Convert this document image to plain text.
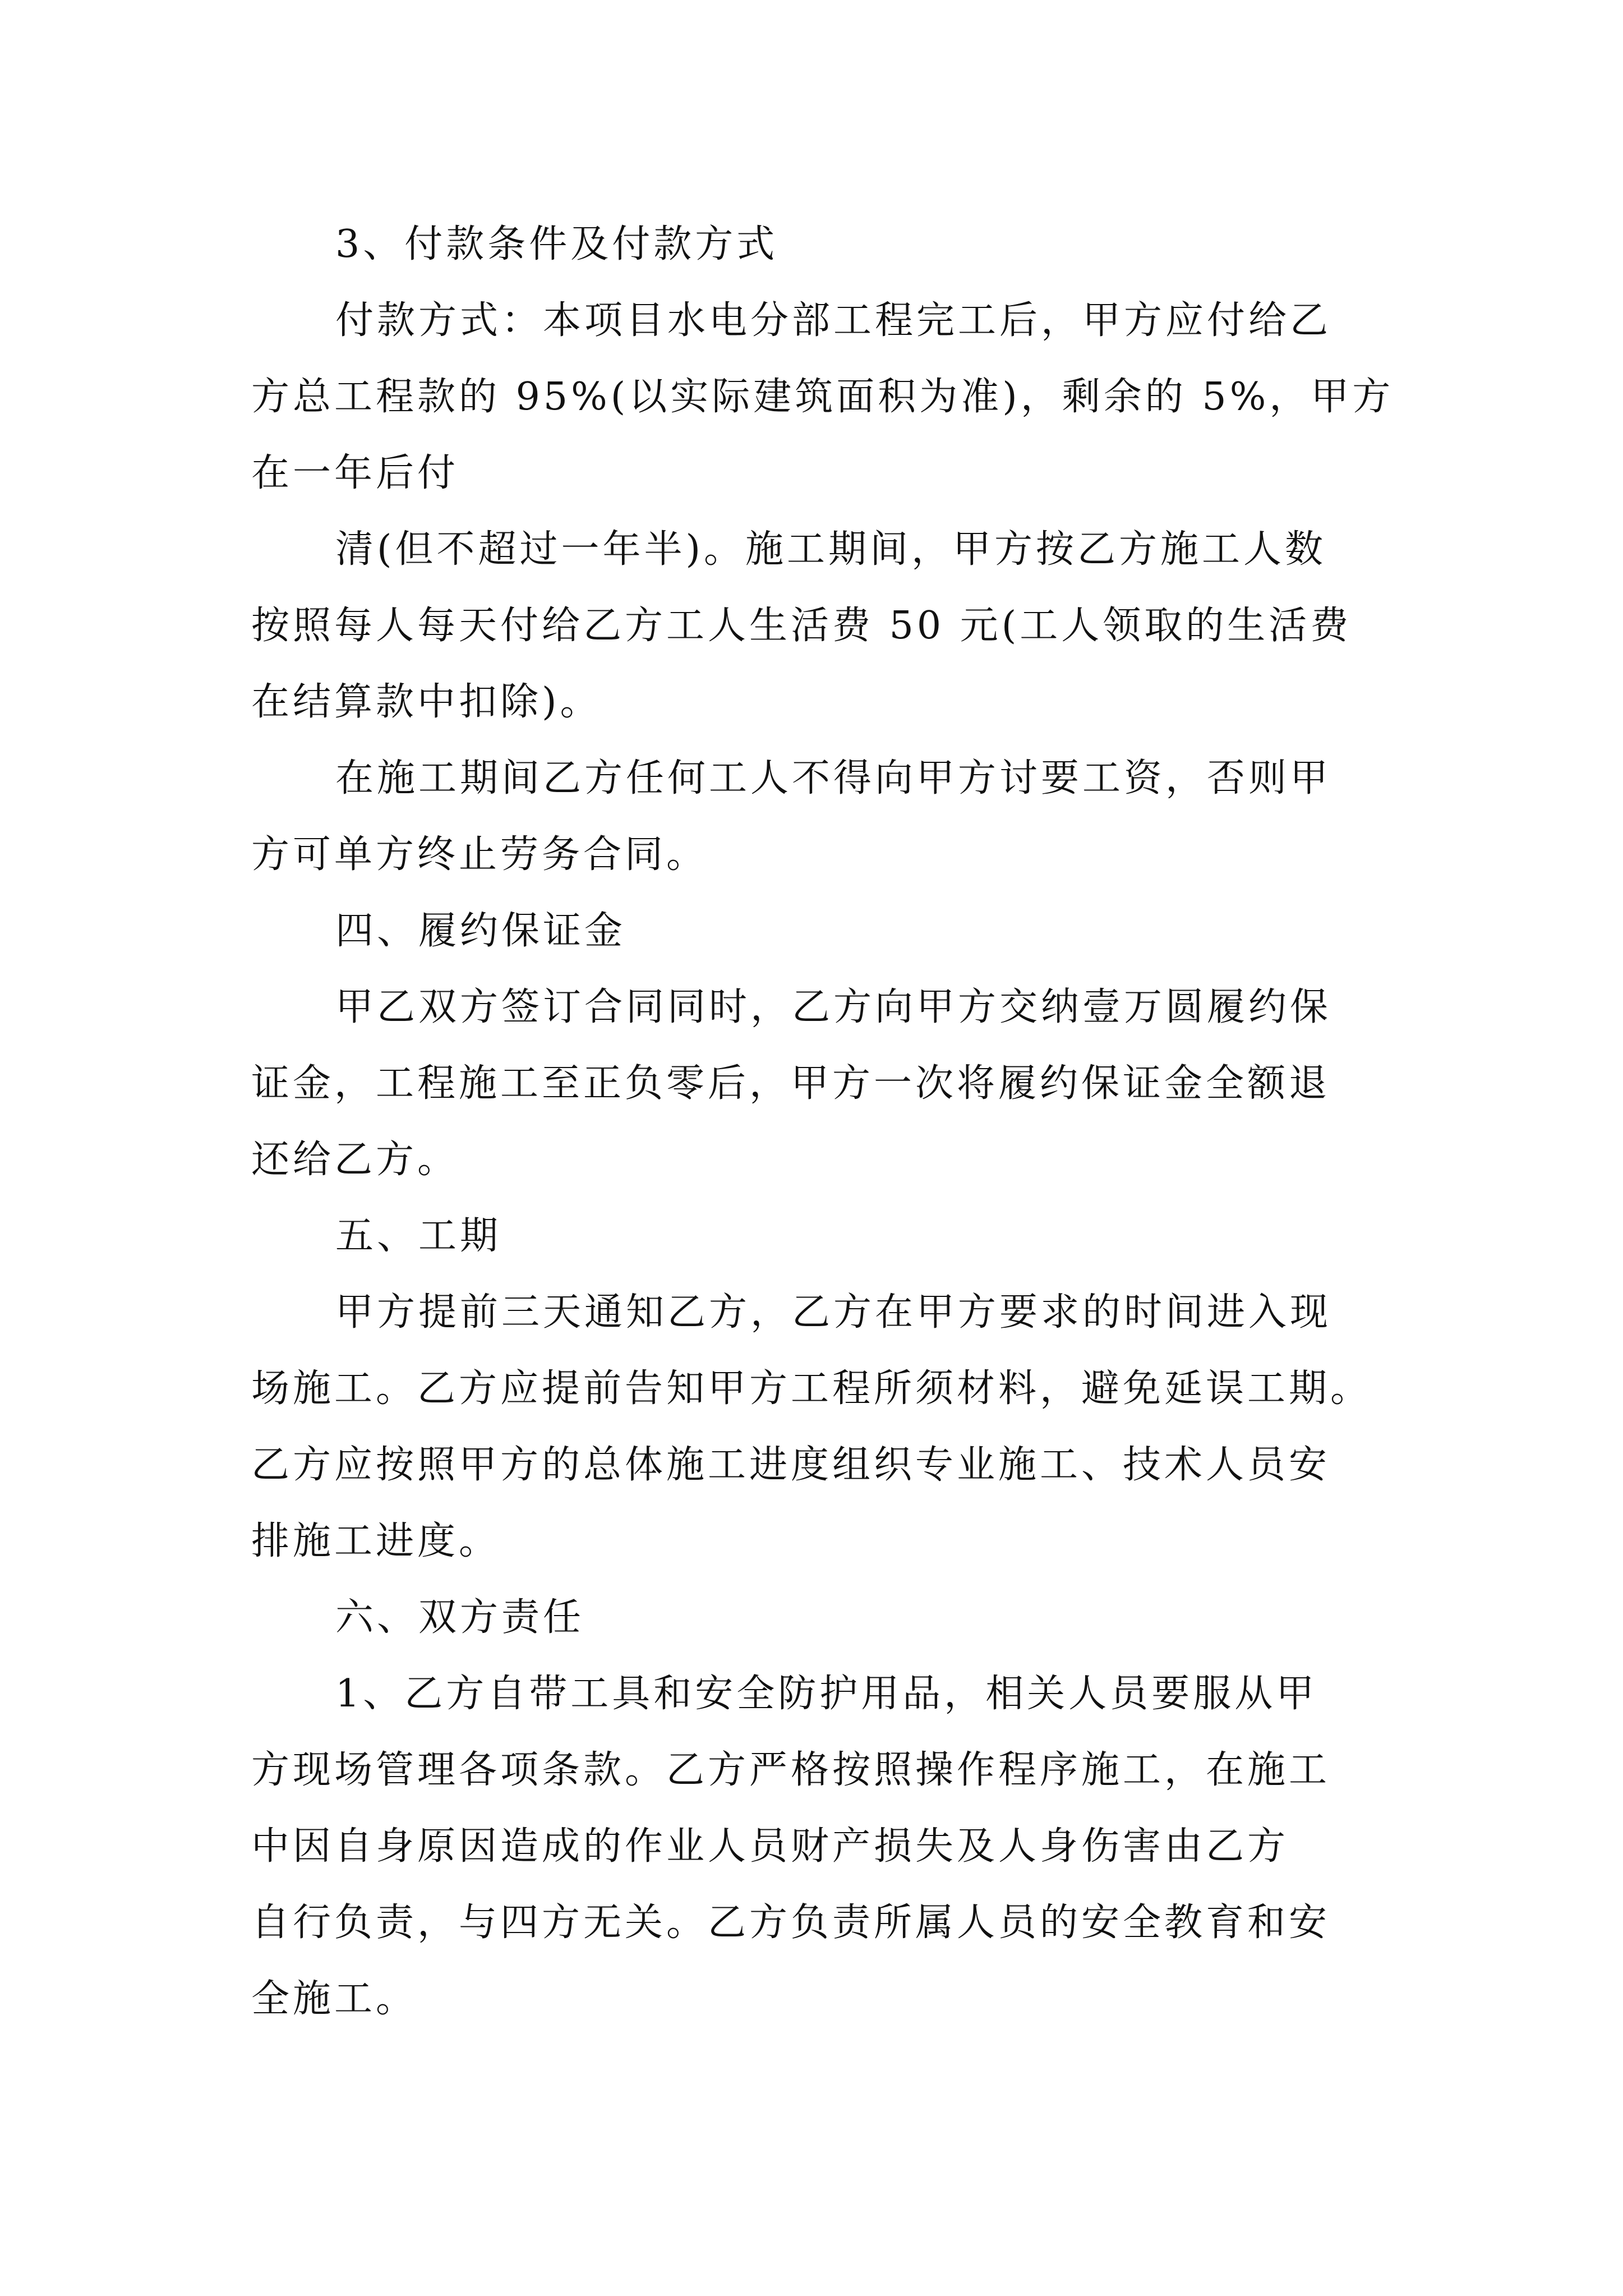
3、付款条件及付款方式
付款方式：本项目水电分部工程完工后，甲方应付给乙
方总工程款的 95%(以实际建筑面积为准)，剩余的 5%，甲方
在一年后付
清(但不超过一年半)。施工期间，甲方按乙方施工人数
按照每人每天付给乙方工人生活费 50 元(工人领取的生活费
在结算款中扣除)。
在施工期间乙方任何工人不得向甲方讨要工资，否则甲
方可单方终止劳务合同。
四、履约保证金
甲乙双方签订合同同时，乙方向甲方交纳壹万圆履约保
证金，工程施工至正负零后，甲方一次将履约保证金全额退
还给乙方。
五、工期
甲方提前三天通知乙方，乙方在甲方要求的时间进入现
场施工。乙方应提前告知甲方工程所须材料，避免延误工期。
乙方应按照甲方的总体施工进度组织专业施工、技术人员安
排施工进度。
六、双方责任
1、乙方自带工具和安全防护用品，相关人员要服从甲
方现场管理各项条款。乙方严格按照操作程序施工，在施工
中因自身原因造成的作业人员财产损失及人身伤害由乙方
自行负责，与四方无关。乙方负责所属人员的安全教育和安
全施工。
